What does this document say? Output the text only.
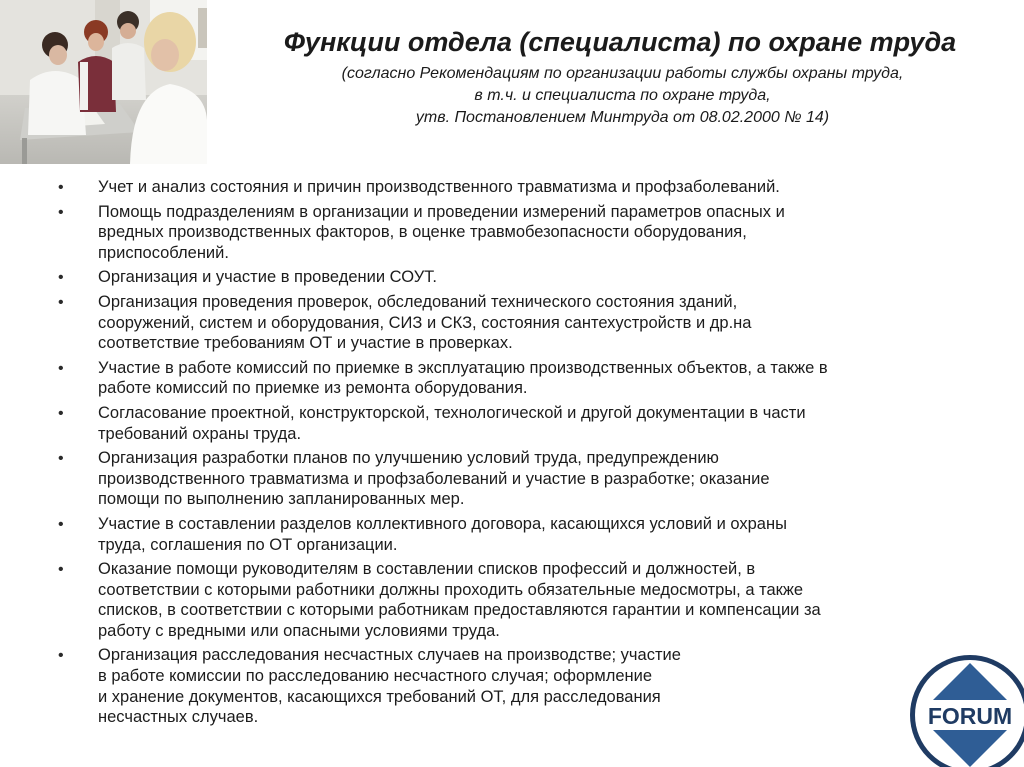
Функции отдела (специалиста) по охране труда
(согласно Рекомендациям по организации работы службы охраны труда,
в т.ч. и специалиста по охране труда,
утв. Постановлением Минтруда от 08.02.2000 № 14)
• Учет и анализ состояния и причин производственного травматизма и профзаболеваний.
• Помощь подразделениям в организации и проведении измерений параметров опасных и
вредных производственных факторов, в оценке травмобезопасности оборудования,
приспособлений.
• Организация и участие в проведении СОУТ.
• Организация проведения проверок, обследований технического состояния зданий,
сооружений, систем и оборудования, СИЗ и СКЗ, состояния сантехустройств и др.на
соответствие требованиям ОТ и участие в проверках.
• Участие в работе комиссий по приемке в эксплуатацию производственных объектов, а также в
работе комиссий по приемке из ремонта оборудования.
• Согласование проектной, конструкторской, технологической и другой документации в части
требований охраны труда.
• Организация разработки планов по улучшению условий труда, предупреждению
производственного травматизма и профзаболеваний и участие в разработке; оказание
помощи по выполнению запланированных мер.
• Участие в составлении разделов коллективного договора, касающихся условий и охраны
труда, соглашения по ОТ организации.
• Оказание помощи руководителям в составлении списков профессий и должностей, в
соответствии с которыми работники должны проходить обязательные медосмотры, а также
списков, в соответствии с которыми работникам предоставляются гарантии и компенсации за
работу с вредными или опасными условиями труда.
• Организация расследования несчастных случаев на производстве; участие
в работе комиссии по расследованию несчастного случая; оформление
и хранение документов, касающихся требований ОТ, для расследования
несчастных случаев.	FORUM
